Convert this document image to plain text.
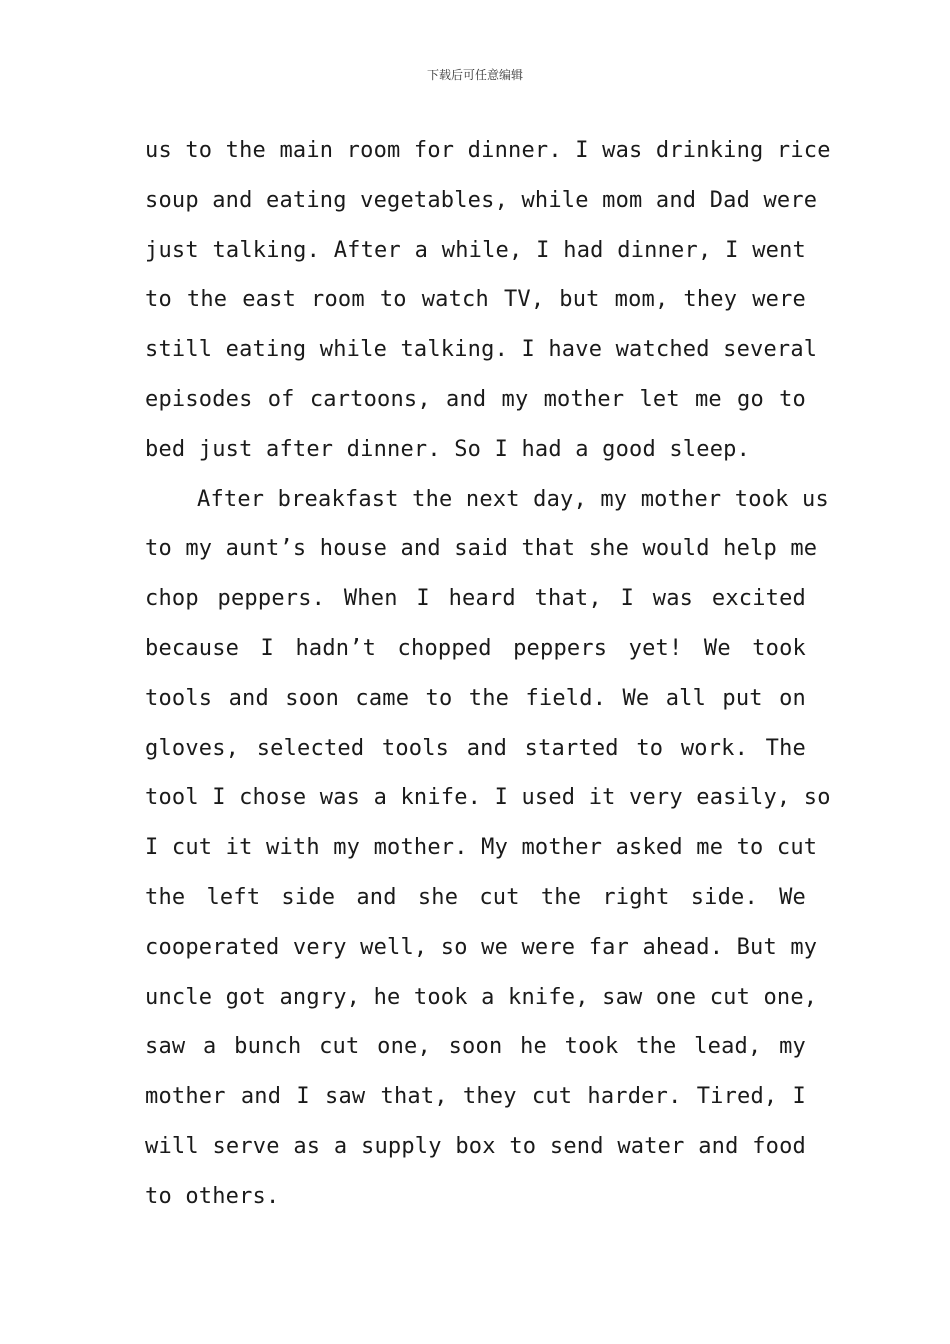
下载后可任意编辑
us to the main room for dinner. I was drinking rice
soup and eating vegetables, while mom and Dad were
just talking. After a while, I had dinner, I went
to the east room to watch TV, but mom, they were
still eating while talking. I have watched several
episodes of cartoons, and my mother let me go to
bed just after dinner. So I had a good sleep.
After breakfast the next day, my mother took us
to my aunt’s house and said that she would help me
chop peppers. When I heard that, I was excited
because I hadn’t chopped peppers yet! We took
tools and soon came to the field. We all put on
gloves, selected tools and started to work. The
tool I chose was a knife. I used it very easily, so
I cut it with my mother. My mother asked me to cut
the left side and she cut the right side. We
cooperated very well, so we were far ahead. But my
uncle got angry, he took a knife, saw one cut one,
saw a bunch cut one, soon he took the lead, my
mother and I saw that, they cut harder. Tired, I
will serve as a supply box to send water and food
to others.
